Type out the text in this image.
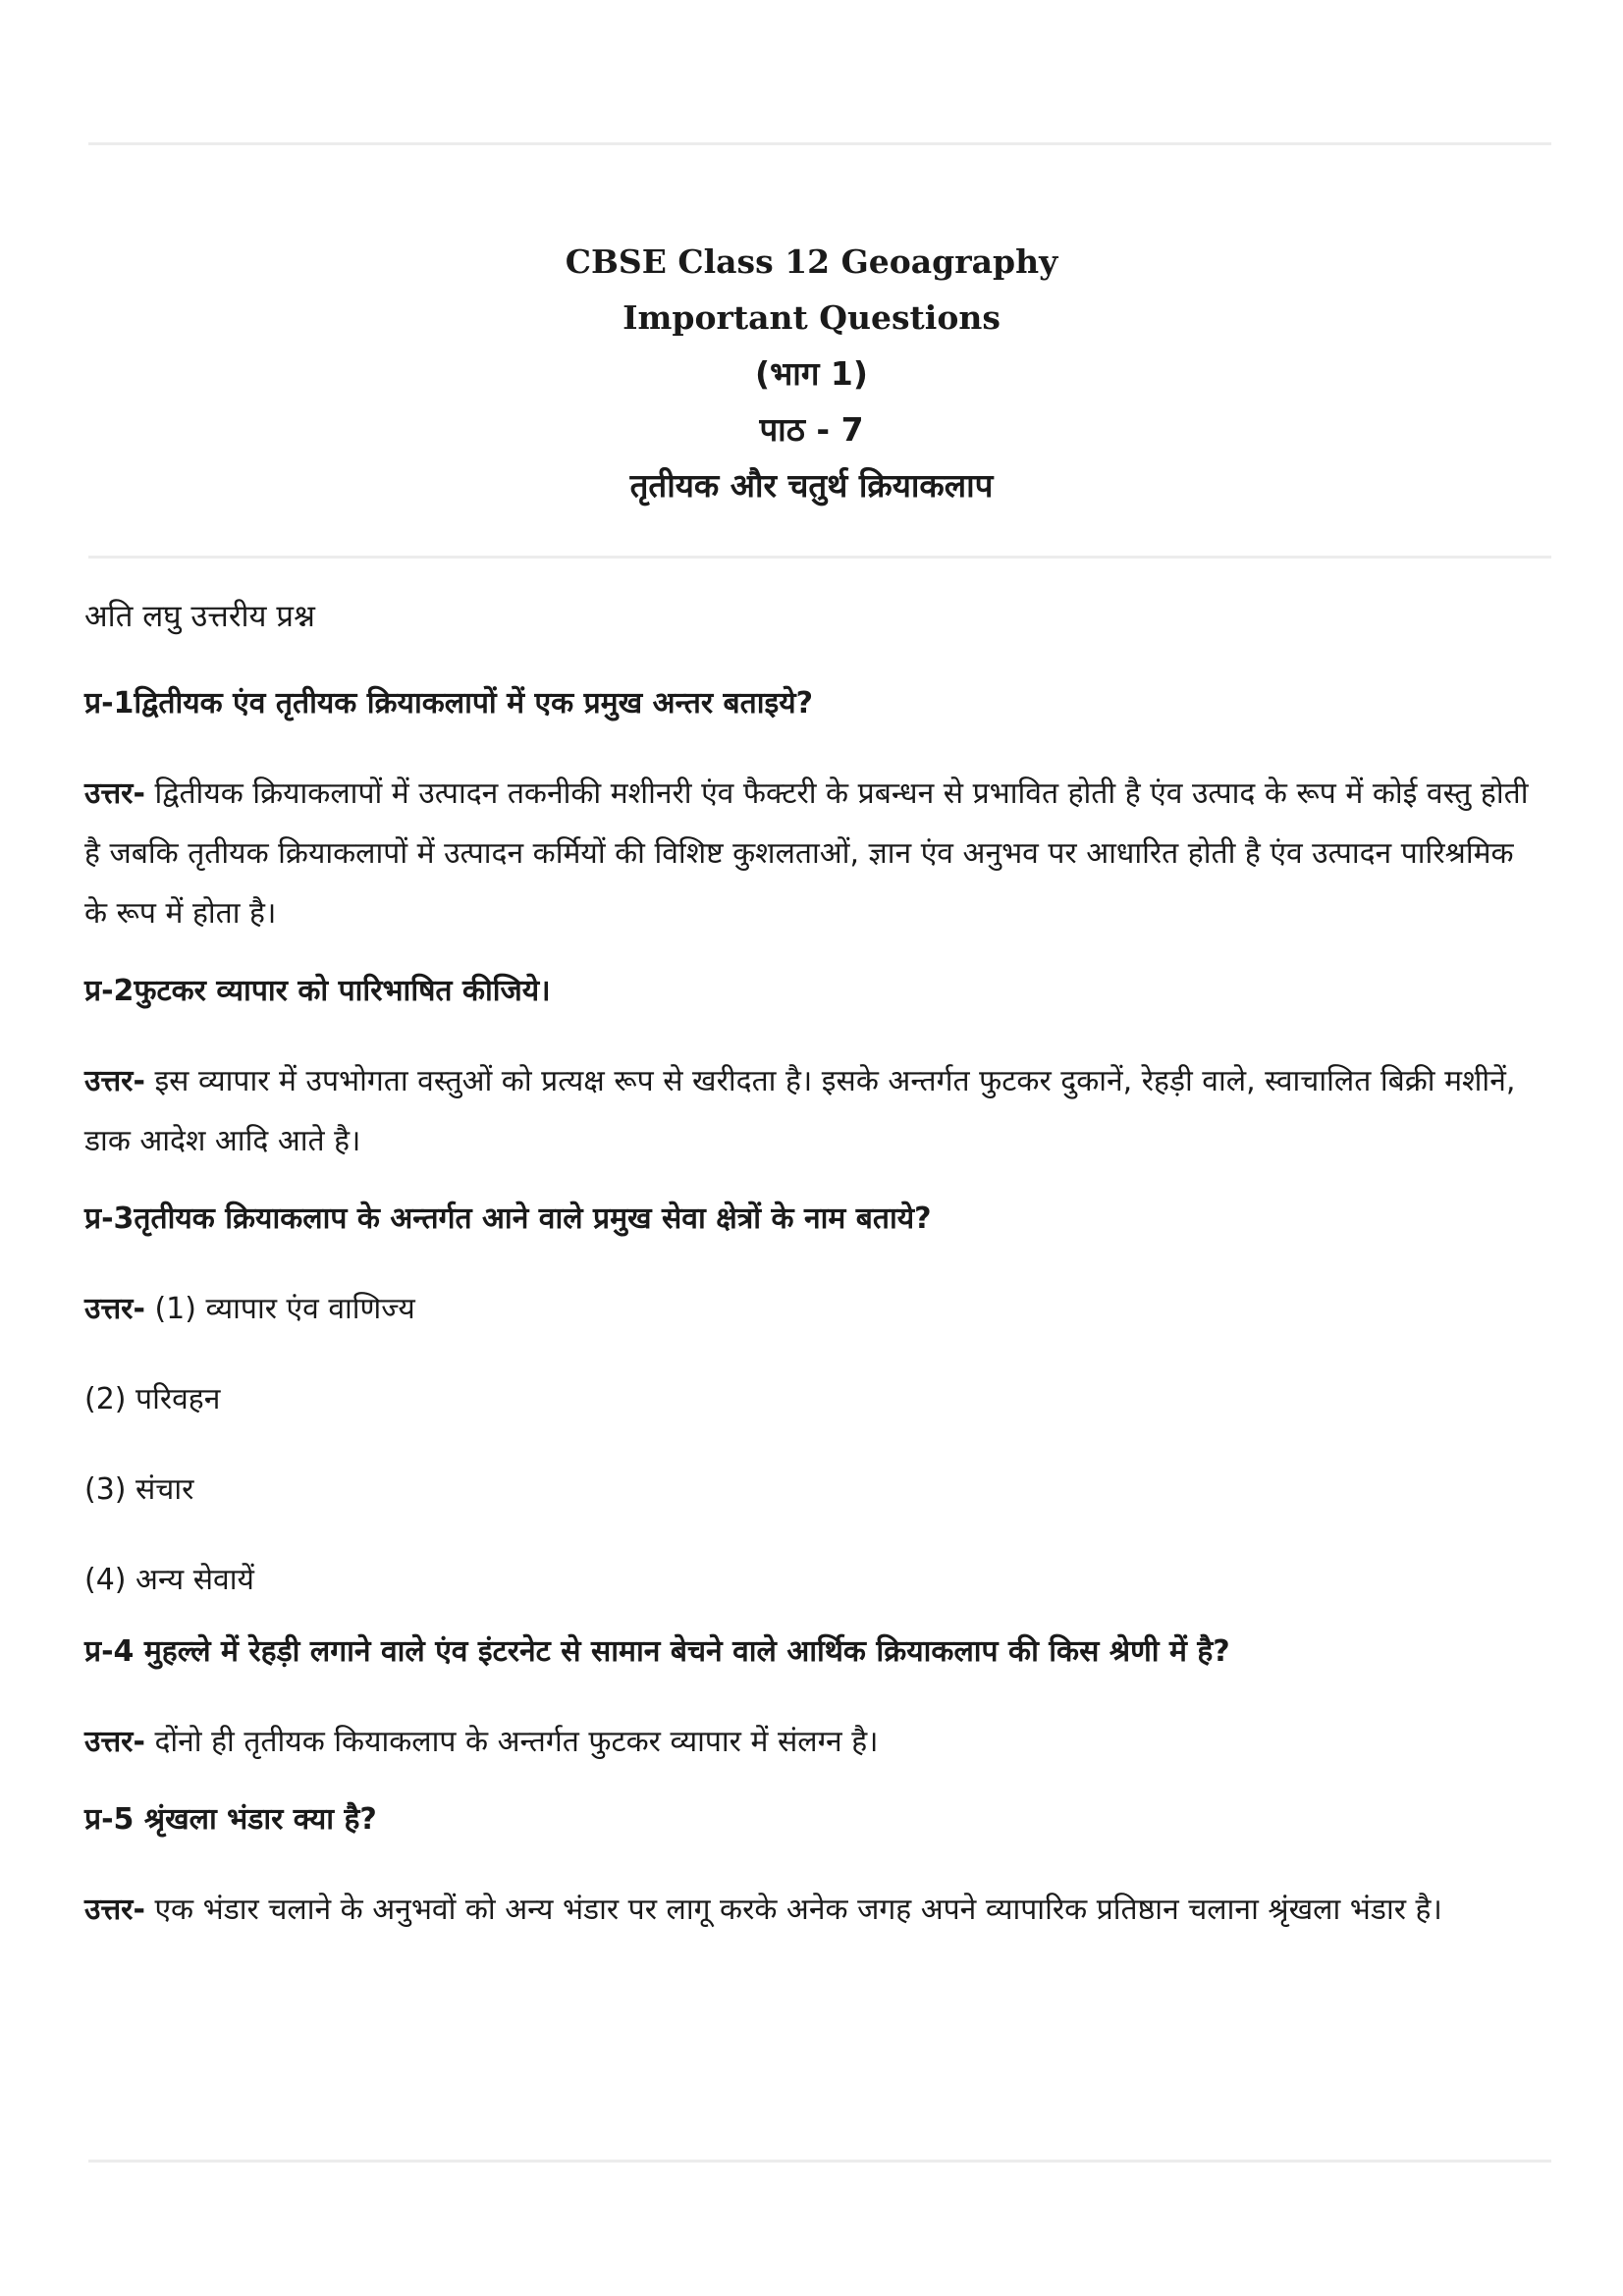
CBSE Class 12 Geoagraphy
Important Questions
(भाग 1)
पाठ - 7
तृतीयक और चतुर्थ क्रियाकलाप
अति लघु उत्तरीय प्रश्न
प्र-1द्वितीयक एंव तृतीयक क्रियाकलापों में एक प्रमुख अन्तर बताइये?
उत्तर- द्वितीयक क्रियाकलापों में उत्पादन तकनीकी मशीनरी एंव फैक्टरी के प्रबन्धन से प्रभावित होती है एंव उत्पाद के रूप में कोई वस्तु होती है जबकि तृतीयक क्रियाकलापों में उत्पादन कर्मियों की विशिष्ट कुशलताओं, ज्ञान एंव अनुभव पर आधारित होती है एंव उत्पादन पारिश्रमिक के रूप में होता है।
प्र-2फुटकर व्यापार को पारिभाषित कीजिये।
उत्तर- इस व्यापार में उपभोगता वस्तुओं को प्रत्यक्ष रूप से खरीदता है। इसके अन्तर्गत फुटकर दुकानें, रेहड़ी वाले, स्वाचालित बिक्री मशीनें, डाक आदेश आदि आते है।
प्र-3तृतीयक क्रियाकलाप के अन्तर्गत आने वाले प्रमुख सेवा क्षेत्रों के नाम बताये?
उत्तर- (1) व्यापार एंव वाणिज्य
(2) परिवहन
(3) संचार
(4) अन्य सेवायें
प्र-4 मुहल्ले में रेहड़ी लगाने वाले एंव इंटरनेट से सामान बेचने वाले आर्थिक क्रियाकलाप की किस श्रेणी में है?
उत्तर- दोंनो ही तृतीयक कियाकलाप के अन्तर्गत फुटकर व्यापार में संलग्न है।
प्र-5 श्रृंखला भंडार क्या है?
उत्तर- एक भंडार चलाने के अनुभवों को अन्य भंडार पर लागू करके अनेक जगह अपने व्यापारिक प्रतिष्ठान चलाना श्रृंखला भंडार है।
